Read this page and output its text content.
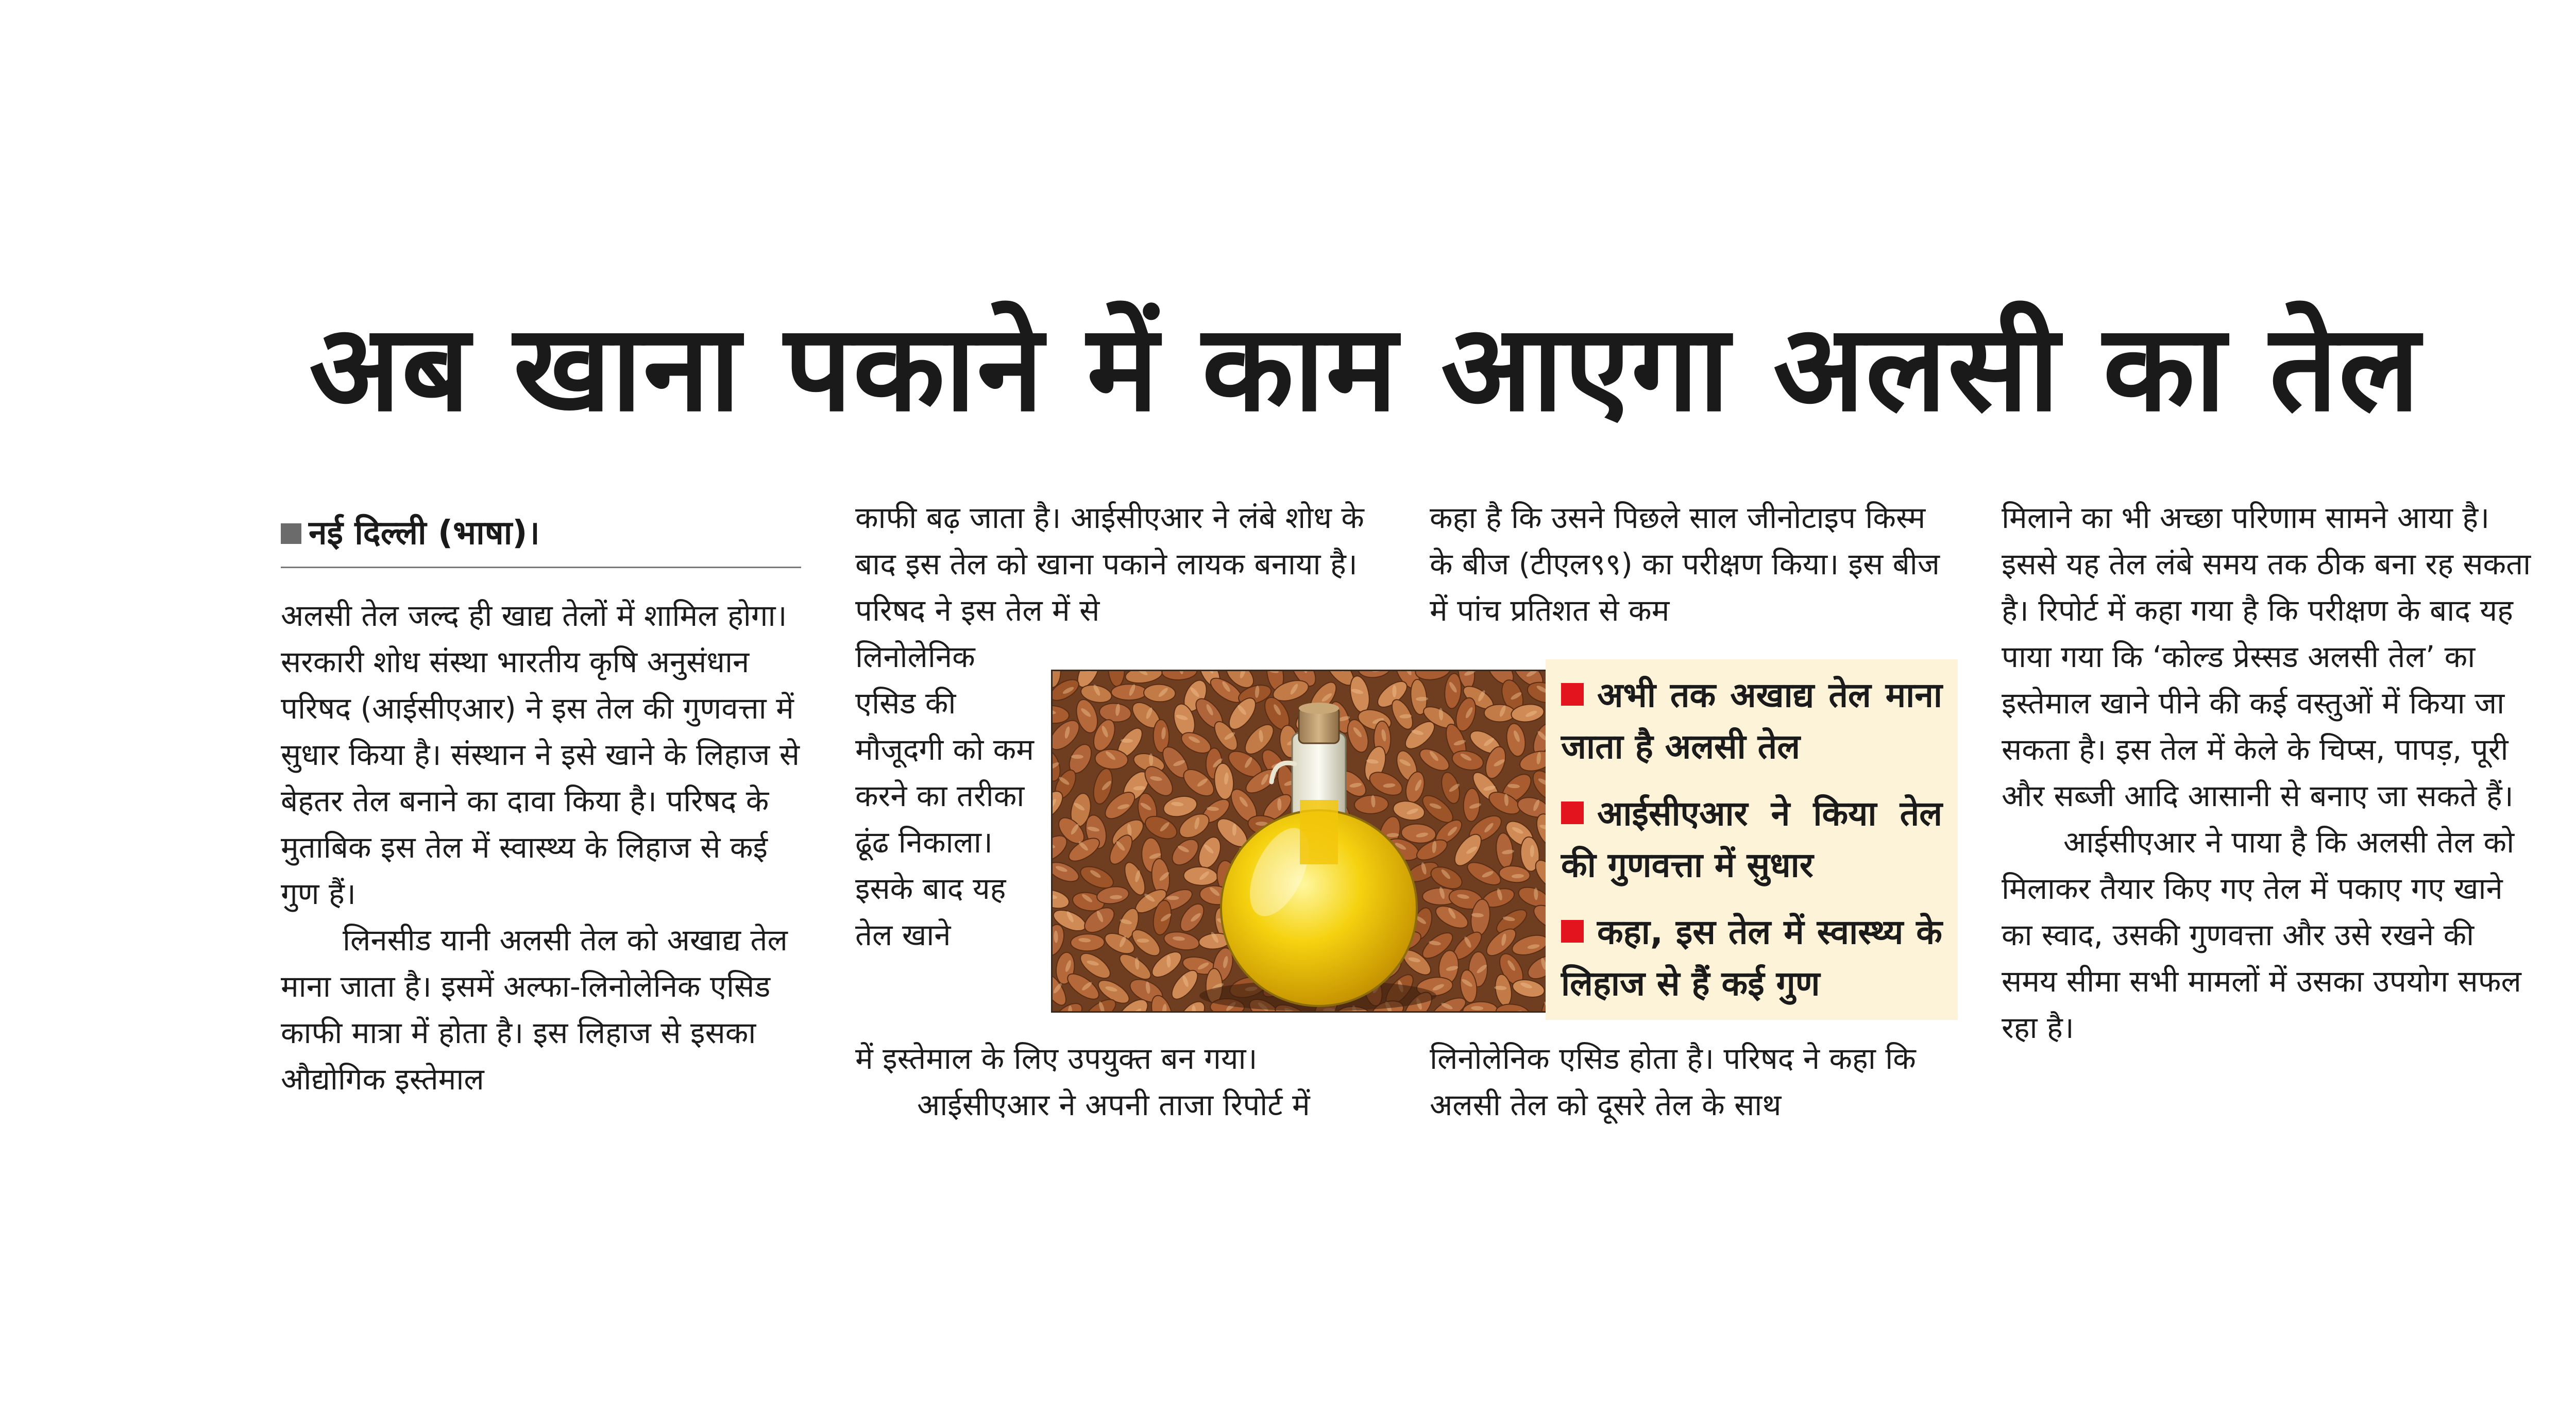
अब खाना पकाने में काम आएगा अलसी का तेल
नई दिल्ली (भाषा)।

अलसी तेल जल्द ही खाद्य तेलों में शामिल होगा। सरकारी शोध संस्था भारतीय कृषि अनुसंधान परिषद (आईसीएआर) ने इस तेल की गुणवत्ता में सुधार किया है। संस्थान ने इसे खाने के लिहाज से बेहतर तेल बनाने का दावा किया है। परिषद के मुताबिक इस तेल में स्वास्थ्य के लिहाज से कई गुण हैं।

लिनसीड यानी अलसी तेल को अखाद्य तेल माना जाता है। इसमें अल्फा-लिनोलेनिक एसिड काफी मात्रा में होता है। इस लिहाज से इसका औद्योगिक इस्तेमाल

काफी बढ़ जाता है। आईसीएआर ने लंबे शोध के बाद इस तेल को खाना पकाने लायक बनाया है। परिषद ने इस तेल में से

लिनोलेनिक एसिड की मौजूदगी को कम करने का तरीका ढूंढ निकाला। इसके बाद यह तेल खाने

में इस्तेमाल के लिए उपयुक्त बन गया।

आईसीएआर ने अपनी ताजा रिपोर्ट में

कहा है कि उसने पिछले साल जीनोटाइप किस्म के बीज (टीएल९९) का परीक्षण किया। इस बीज में पांच प्रतिशत से कम

लिनोलेनिक एसिड होता है। परिषद ने कहा कि अलसी तेल को दूसरे तेल के साथ

मिलाने का भी अच्छा परिणाम सामने आया है। इससे यह तेल लंबे समय तक ठीक बना रह सकता है। रिपोर्ट में कहा गया है कि परीक्षण के बाद यह पाया गया कि ‘कोल्ड प्रेस्सड अलसी तेल’ का इस्तेमाल खाने पीने की कई वस्तुओं में किया जा सकता है। इस तेल में केले के चिप्स, पापड़, पूरी और सब्जी आदि आसानी से बनाए जा सकते हैं।

आईसीएआर ने पाया है कि अलसी तेल को मिलाकर तैयार किए गए तेल में पकाए गए खाने का स्वाद, उसकी गुणवत्ता और उसे रखने की समय सीमा सभी मामलों में उसका उपयोग सफल रहा है।

अभी तक अखाद्य तेल माना जाता है अलसी तेल
आईसीएआर ने किया तेल की गुणवत्ता में सुधार
कहा, इस तेल में स्वास्थ्य के लिहाज से हैं कई गुण
